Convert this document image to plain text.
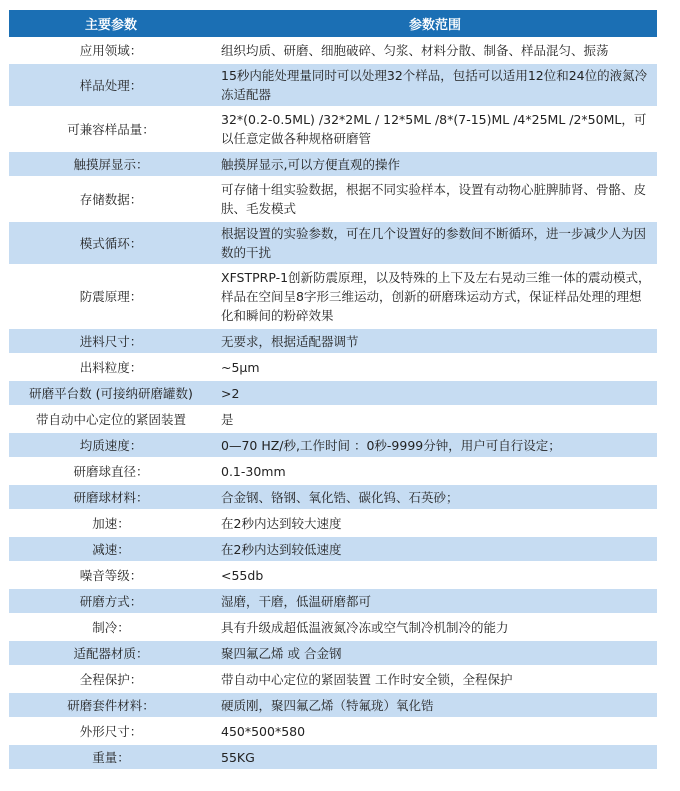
主要参数	参数范围
应用领域：	组织均质、研磨、细胞破碎、匀浆、材料分散、制备、样品混匀、振荡
样品处理：	15秒内能处理量同时可以处理32个样品，包括可以适用12位和24位的液氮冷冻适配器
可兼容样品量：	32*(0.2-0.5ML) /32*2ML / 12*5ML /8*(7-15)ML /4*25ML /2*50ML，可以任意定做各种规格研磨管
触摸屏显示：	触摸屏显示,可以方便直观的操作
存储数据：	可存储十组实验数据，根据不同实验样本，设置有动物心脏脾肺肾、骨骼、皮肤、毛发模式
模式循环：	根据设置的实验参数，可在几个设置好的参数间不断循环，进一步减少人为因数的干扰
防震原理：	XFSTPRP-1创新防震原理，以及特殊的上下及左右晃动三维一体的震动模式，样品在空间呈8字形三维运动，创新的研磨珠运动方式，保证样品处理的理想化和瞬间的粉碎效果
进料尺寸：	无要求，根据适配器调节
出料粒度：	~5μm
研磨平台数 (可接纳研磨罐数)	>2
带自动中心定位的紧固装置	是
均质速度：	0—70 HZ/秒,工作时间 ：0秒-9999分钟，用户可自行设定；
研磨球直径：	0.1-30mm
研磨球材料：	合金钢、铬钢、氧化锆、碳化钨、石英砂；
加速：	在2秒内达到较大速度
减速：	在2秒内达到较低速度
噪音等级：	<55db
研磨方式：	湿磨，干磨，低温研磨都可
制冷：	具有升级成超低温液氮冷冻或空气制冷机制冷的能力
适配器材质：	聚四氟乙烯 或 合金钢
全程保护：	带自动中心定位的紧固装置 工作时安全锁，全程保护
研磨套件材料：	硬质刚，聚四氟乙烯（特氟珑）氧化锆
外形尺寸：	450*500*580
重量：	55KG
